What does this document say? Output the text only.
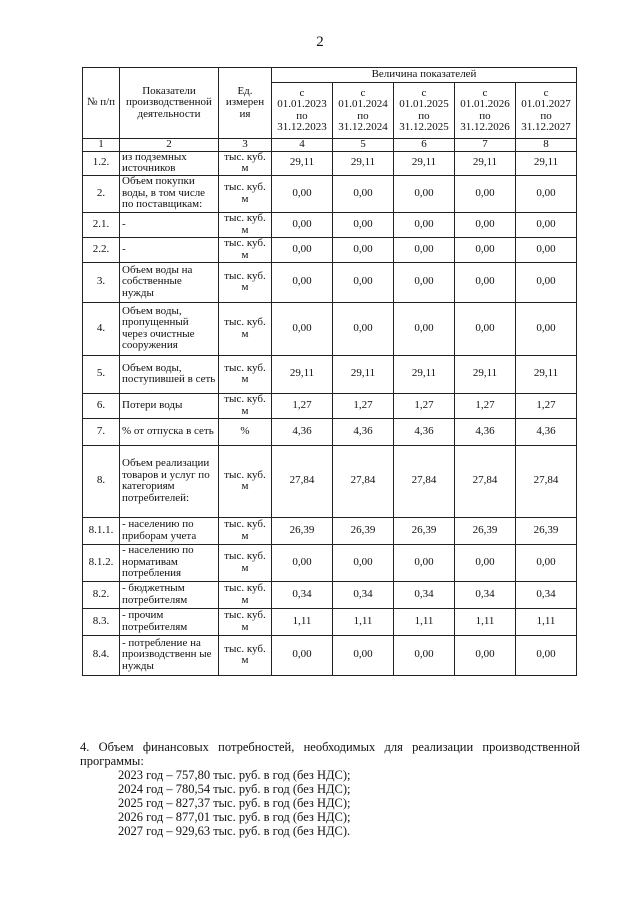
2
№ п/п	Показатели производственной деятельности	Ед. измерен ия	Величина показателей				
			с 01.01.2023 по 31.12.2023	с 01.01.2024 по 31.12.2024	с 01.01.2025 по 31.12.2025	с 01.01.2026 по 31.12.2026	с 01.01.2027 по 31.12.2027
1	2	3	4	5	6	7	8
1.2.	из подземных источников	тыс. куб. м	29,11	29,11	29,11	29,11	29,11
2.	Объем покупки воды, в том числе по поставщикам:	тыс. куб. м	0,00	0,00	0,00	0,00	0,00
2.1.	-	тыс. куб. м	0,00	0,00	0,00	0,00	0,00
2.2.	-	тыс. куб. м	0,00	0,00	0,00	0,00	0,00
3.	Объем воды на собственные нужды	тыс. куб. м	0,00	0,00	0,00	0,00	0,00
4.	Объем воды, пропущенный через очистные сооружения	тыс. куб. м	0,00	0,00	0,00	0,00	0,00
5.	Объем воды, поступившей в сеть	тыс. куб. м	29,11	29,11	29,11	29,11	29,11
6.	Потери воды	тыс. куб. м	1,27	1,27	1,27	1,27	1,27
7.	% от отпуска в сеть	%	4,36	4,36	4,36	4,36	4,36
8.	Объем реализации товаров и услуг по категориям потребителей:	тыс. куб. м	27,84	27,84	27,84	27,84	27,84
8.1.1.	- населению по приборам учета	тыс. куб. м	26,39	26,39	26,39	26,39	26,39
8.1.2.	- населению по нормативам потребления	тыс. куб. м	0,00	0,00	0,00	0,00	0,00
8.2.	- бюджетным потребителям	тыс. куб. м	0,34	0,34	0,34	0,34	0,34
8.3.	- прочим потребителям	тыс. куб. м	1,11	1,11	1,11	1,11	1,11
8.4.	- потребление на производственн ые нужды	тыс. куб. м	0,00	0,00	0,00	0,00	0,00
4. Объем финансовых потребностей, необходимых для реализации производственной программы:
2023 год – 757,80 тыс. руб. в год (без НДС);
2024 год – 780,54 тыс. руб. в год (без НДС);
2025 год – 827,37 тыс. руб. в год (без НДС);
2026 год – 877,01 тыс. руб. в год (без НДС);
2027 год – 929,63 тыс. руб. в год (без НДС).
